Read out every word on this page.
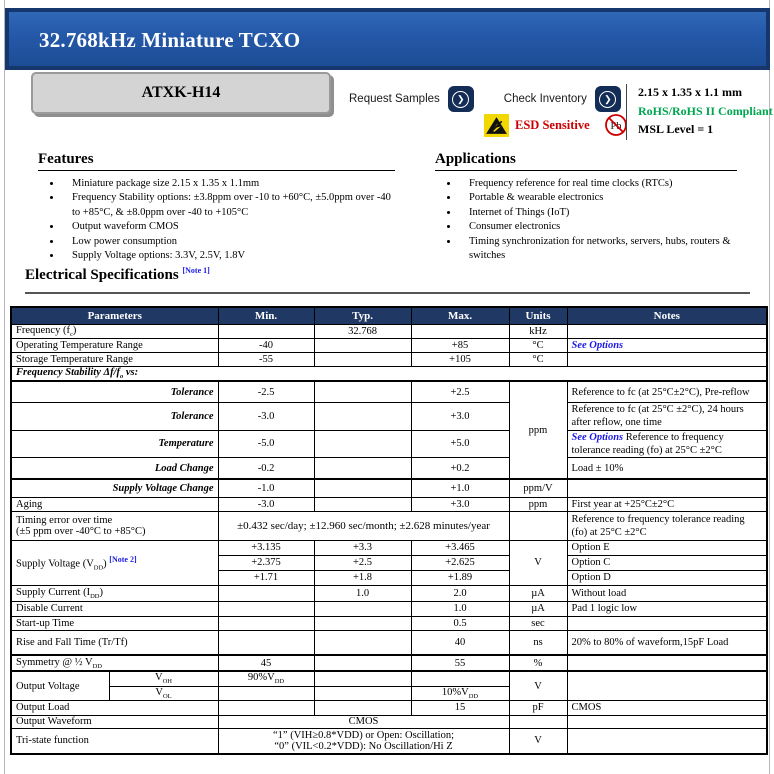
32.768kHz Miniature TCXO
ATXK-H14	Request Samples	❯	Check Inventory	❯
ESD Sensitive Pb
2.15 x 1.35 x 1.1 mm
RoHS/RoHS II Compliant
MSL Level = 1
Features
• Miniature package size 2.15 x 1.35 x 1.1mm
• Frequency Stability options: ±3.8ppm over -10 to +60°C, ±5.0ppm over -40 to +85°C, & ±8.0ppm over -40 to +105°C
• Output waveform CMOS
• Low power consumption
• Supply Voltage options: 3.3V, 2.5V, 1.8V
Applications
• Frequency reference for real time clocks (RTCs)
• Portable & wearable electronics
• Internet of Things (IoT)
• Consumer electronics
• Timing synchronization for networks, servers, hubs, routers & switches
Electrical Specifications [Note 1]
Parameters		Min.	Typ.	Max.	Units	Notes
Frequency $(f_c)$			32.768		kHz	
Operating Temperature Range		-40		+85	°C	See Options
Storage Temperature Range		-55		+105	°C	
Frequency Stability $\Delta f/f_o$ vs:						
Tolerance		-2.5		+2.5	ppm	Reference to fc (at 25°C±2°C), Pre-reflow
Tolerance		-3.0		+3.0		Reference to fc (at 25°C ±2°C), 24 hours after reflow, one time
Temperature		-5.0		+5.0		See Options Reference to frequency tolerance reading (fo) at 25°C ±2°C
Load Change		-0.2		+0.2		Load ± 10%
Supply Voltage Change		-1.0		+1.0	ppm/V	
Aging		-3.0		+3.0	ppm	First year at +25°C±2°C

Timing error over time
(±5 ppm over -40°C to +85°C)		±0.432 sec/day; ±12.960 sec/month; ±2.628 minutes/year				Reference to frequency tolerance reading (fo) at 25°C ±2°C
Supply Voltage $(V_{DD})$ [Note 2]		+3.135	+3.3	+3.465	V	Option E
		+2.375	+2.5	+2.625		Option C
		+1.71	+1.8	+1.89		Option D
Supply Current $(I_{DD})$			1.0	2.0	µA	Without load
Disable Current				1.0	µA	Pad 1 logic low
Start-up Time				0.5	sec	
Rise and Fall Time (Tr/Tf)				40	ns	20% to 80% of waveform,15pF Load
Symmetry @ ½ $V_{DD}$		45		55	%	
Output Voltage	$V_{OH}$	$90\%V_{DD}$			V	
	$V_{OL}$			$10\%V_{DD}$
Output Load				15	pF	CMOS
Output Waveform		CMOS				
Tri-state function		“1” (VIH≥0.8*VDD) or Open: Oscillation;
“0” (VIL<0.2*VDD): No Oscillation/Hi Z			V	
